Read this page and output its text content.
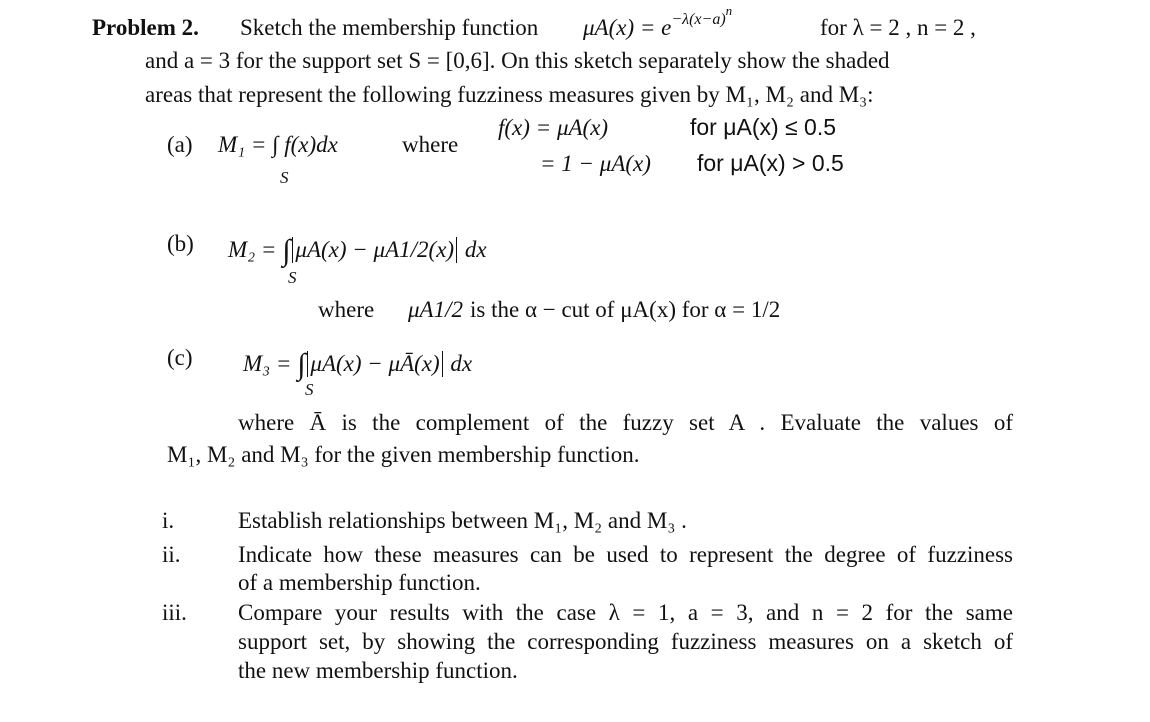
Problem 2. Sketch the membership function $\mu A(x) = e^{-\lambda(x-a)n}$
for λ = 2 , n = 2 ,
and a = 3 for the support set S = [0,6]. On this sketch separately show the shaded
areas that represent the following fuzziness measures given by M₁, M₂ and M₃:
(a) M₁ = ∫ f(x)dx
S
where
f(x) = μA(x)	for μA(x) ≤ 0.5
= 1 − μA(x) for μA(x) > 0.5
(b) M₂ = ∫ μA(x) − μA1/2(x) dx
S
where μA1/2 is the α − cut of μA(x) for α = 1/2
(c) M₃ = ∫ μA(x) − μĀ(x) dx
S
where Ā is the complement of the fuzzy set A . Evaluate the values of
M₁, M₂ and M₃ for the given membership function.
i.	Establish relationships between M₁, M₂ and M₃ .
ii. Indicate how these measures can be used to represent the degree of fuzziness
of a membership function.
iii. Compare your results with the case λ = 1, a = 3, and n = 2 for the same
support set, by showing the corresponding fuzziness measures on a sketch of
the new membership function.
